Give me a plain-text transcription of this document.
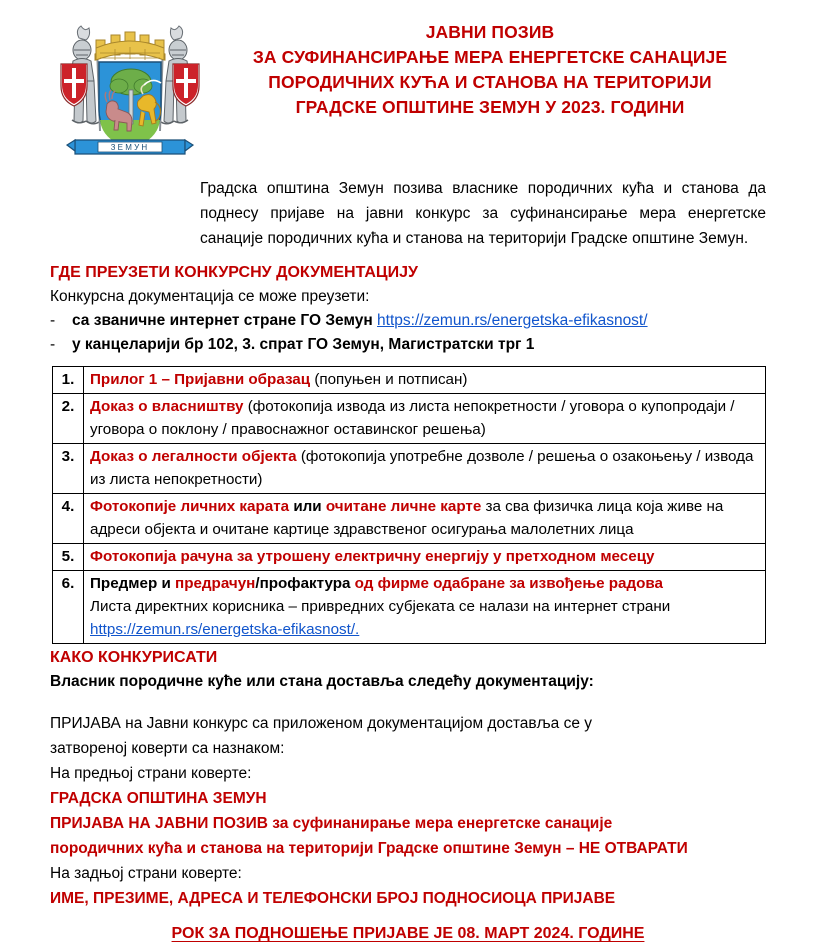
C C
C C
ЗЕМУН
ЈАВНИ ПОЗИВ
ЗА СУФИНАНСИРАЊЕ МЕРА ЕНЕРГЕТСКЕ САНАЦИЈЕ
ПОРОДИЧНИХ КУЋА И СТАНОВА НА ТЕРИТОРИЈИ
ГРАДСКЕ ОПШТИНЕ ЗЕМУН У 2023. ГОДИНИ
Градска општина Земун позива власнике породичних кућа и станова да поднесу пријаве на јавни конкурс за суфинансирање мера енергетске санације породичних кућа и станова на територији Градске општине Земун.
ГДЕ ПРЕУЗЕТИ КОНКУРСНУ ДОКУМЕНТАЦИЈУ
Конкурсна документација се може преузети:
-	са званичне интернет стране ГО Земун https://zemun.rs/energetska-efikasnost/
-	у канцеларији бр 102, 3. спрат ГО Земун, Магистратски трг 1
1.	Прилог 1 – Пријавни образац (попуњен и потписан)
2.	Доказ о власништву (фотокопија извода из листа непокретности / уговора о купопродаји / уговора о поклону / правоснажног оставинског решења)
3.	Доказ о легалности објекта (фотокопија употребне дозволе / решења о озакоњењу / извода из листа непокретности)
4.	Фотокопије личних карата или очитане личне карте за сва физичка лица која живе на адреси објекта и очитане картице здравственог осигурања малолетних лица
5.	Фотокопија рачуна за утрошену електричну енергију у претходном месецу
6.	Предмер и предрачун/профактура од фирме одабране за извођење радова
Листа директних корисника – привредних субјеката се налази на интернет страни https://zemun.rs/energetska-efikasnost/.
КАКО КОНКУРИСАТИ
Власник породичне куће или стана доставља следећу документацију:
ПРИЈАВА на Јавни конкурс са приложеном документацијом доставља се у
затвореној коверти са назнаком:
На предњој страни коверте:
ГРАДСКА ОПШТИНА ЗЕМУН
ПРИЈАВА НА ЈАВНИ ПОЗИВ за суфинанирање мера енергетске санације
породичних кућа и станова на територији Градске општине Земун – НЕ ОТВАРАТИ
На задњој страни коверте:
ИМЕ, ПРЕЗИМЕ, АДРЕСА И ТЕЛЕФОНСКИ БРОЈ ПОДНОСИОЦА ПРИЈАВЕ
РОК ЗА ПОДНОШЕЊЕ ПРИЈАВЕ ЈЕ 08. МАРТ 2024. ГОДИНЕ
